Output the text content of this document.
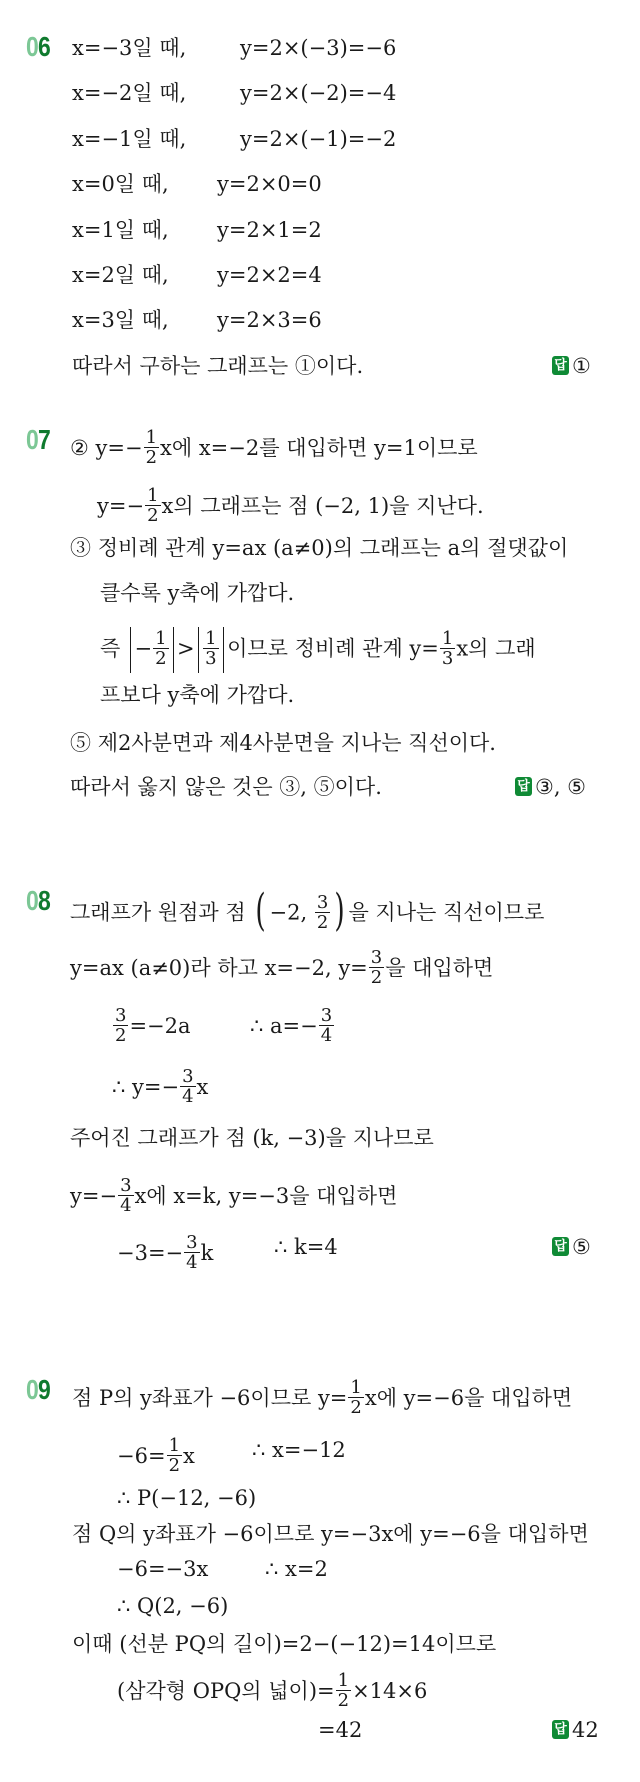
06 x=−3일 때,	y=2×(−3)=−6
x=−2일 때,	y=2×(−2)=−4
x=−1일 때,	y=2×(−1)=−2
x=0일 때, y=2×0=0
x=1일 때, y=2×1=2
x=2일 때, y=2×2=4
x=3일 때, y=2×3=6
따라서 구하는 그래프는 ①이다.	답 ①
07 ② $y=- \frac{1}{2}$ x에 x=−2를 대입하면 y=1이므로
$y=- \frac{1}{2}$ x의 그래프는 점 (−2, 1)을 지난다.
③ 정비례 관계 y=ax (a≠0)의 그래프는 a의 절댓값이
클수록 y축에 가깝다.
즉 − $\frac{1}{2} > \frac{1}{3}$ 이므로 정비례 관계 $y= \frac{1}{3}$ x의 그래
프보다 y축에 가깝다.
⑤ 제2사분면과 제4사분면을 지나는 직선이다.
따라서 옳지 않은 것은 ③, ⑤이다.	답 ③, ⑤
08 그래프가 원점과 점 ( −2, $\frac{3}{2}$ ) 을 지나는 직선이므로
y=ax (a≠0)라 하고 x=−2, $y= \frac{3}{2}$ 을 대입하면
$\frac{3}{2} =-2a$	∴ $a=- \frac{3}{4}$
∴ $y=- \frac{3}{4}$ x
주어진 그래프가 점 (k, −3)을 지나므로
$y=- \frac{3}{4}$ x에 x=k, y=−3을 대입하면
$-3=- \frac{3}{4}$ k	∴ k=4	답 ⑤
09 점 P의 y좌표가 −6이므로 $y= \frac{1}{2}$ x에 y=−6을 대입하면
$-6= \frac{1}{2}$ x	∴ x=−12
∴ P(−12, −6)
점 Q의 y좌표가 −6이므로 y=−3x에 y=−6을 대입하면
−6=−3x	∴ x=2
∴ Q(2, −6)
이때 (선분 PQ의 길이)=2−(−12)=14이므로
(삼각형 OPQ의 넓이)= $\frac{1}{2} \times 14\times 6$
=42	답 42
